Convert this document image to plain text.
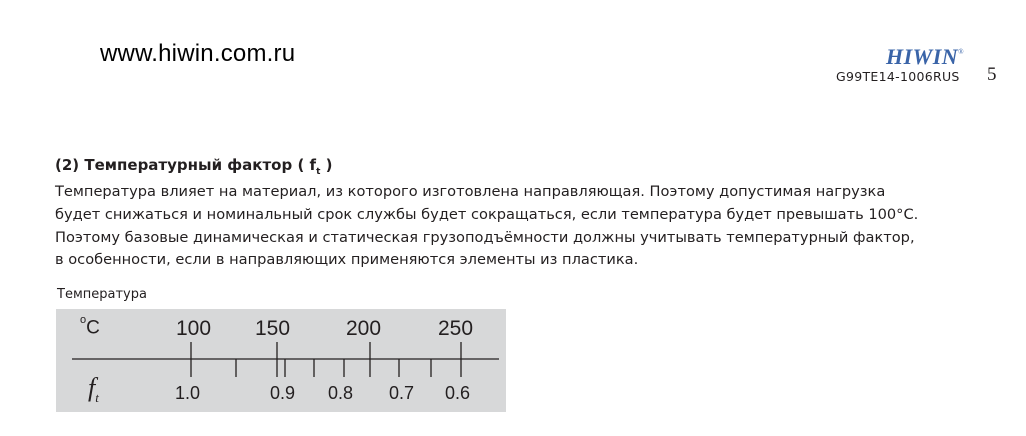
www.hiwin.com.ru	HIWIN®
G99TE14-1006RUS 5
(2) Температурный фактор ( $f_t$ )
Температура влияет на материал, из которого изготовлена направляющая. Поэтому допустимая нагрузка
будет снижаться и номинальный срок службы будет сокращаться, если температура будет превышать 100°С.
Поэтому базовые динамическая и статическая грузоподъёмности должны учитывать температурный фактор,
в особенности, если в направляющих применяются элементы из пластика.
Температура
$^o$C	100 150	200	250
$f_t$	1.0	0.9 0.8 0.7 0.6
